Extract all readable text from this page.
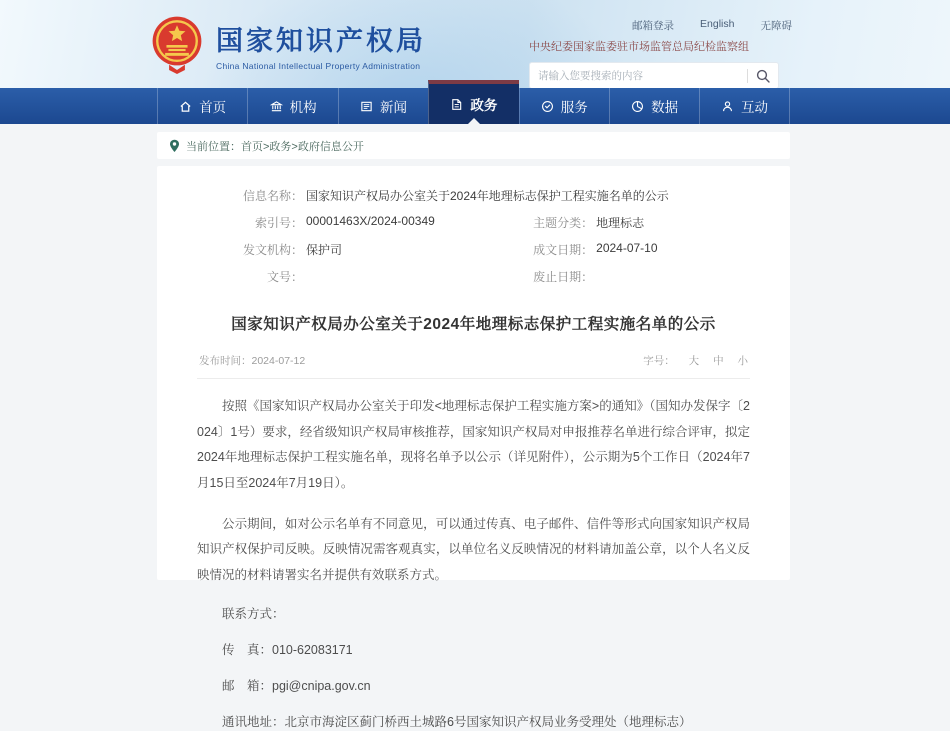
国家知识产权局
China National Intellectual Property Administration
邮箱登录 English 无障碍
中央纪委国家监委驻市场监管总局纪检监察组
请输入您要搜索的内容
首页	机构	新闻	政务	服务	数据	互动
当前位置： 首页>政务>政府信息公开
信息名称： 国家知识产权局办公室关于2024年地理标志保护工程实施名单的公示
索引号： 00001463X/2024-00349	主题分类： 地理标志
发文机构： 保护司	成文日期： 2024-07-10
文号：	废止日期：
国家知识产权局办公室关于2024年地理标志保护工程实施名单的公示
发布时间：2024-07-12	字号： 大 中 小

按照《国家知识产权局办公室关于印发<地理标志保护工程实施方案>的通知》（国知办发保字〔2024〕1号）要求，经省级知识产权局审核推荐，国家知识产权局对申报推荐名单进行综合评审，拟定2024年地理标志保护工程实施名单，现将名单予以公示（详见附件），公示期为5个工作日（2024年7月15日至2024年7月19日）。

公示期间，如对公示名单有不同意见，可以通过传真、电子邮件、信件等形式向国家知识产权局知识产权保护司反映。反映情况需客观真实，以单位名义反映情况的材料请加盖公章，以个人名义反映情况的材料请署实名并提供有效联系方式。

联系方式：

传　真：010-62083171

邮　箱：pgi@cnipa.gov.cn

通讯地址：北京市海淀区蓟门桥西土城路6号国家知识产权局业务受理处（地理标志）
